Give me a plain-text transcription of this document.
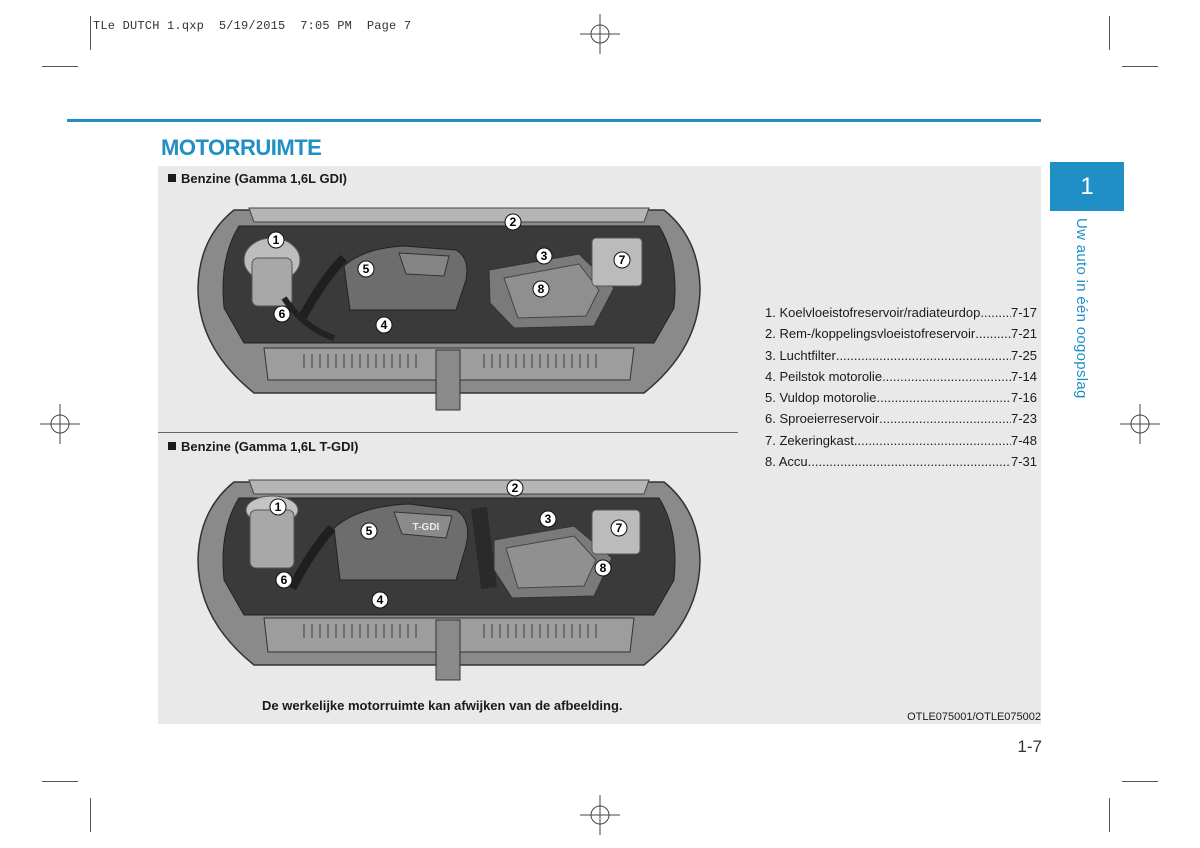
TLe DUTCH 1.qxp  5/19/2015  7:05 PM  Page 7
MOTORRUIMTE
Benzine (Gamma 1,6L GDI)
1
2
3
4
5
6
7
8
Benzine (Gamma 1,6L T-GDI)
T-GDI
1
2
3
4
5
6
7
8
1. Koelvloeistofreservoir/radiateurdop ..... 7-17
2. Rem-/koppelingsvloeistofreservoir .....	7-21
3. Luchtfilter .....	7-25
4. Peilstok motorolie .....	7-14
5. Vuldop motorolie .....	7-16
6. Sproeierreservoir .....	7-23
7. Zekeringkast .....	7-48
8. Accu .....	7-31
De werkelijke motorruimte kan afwijken van de afbeelding.
OTLE075001/OTLE075002
1
Uw auto in één oogopslag
1-7
